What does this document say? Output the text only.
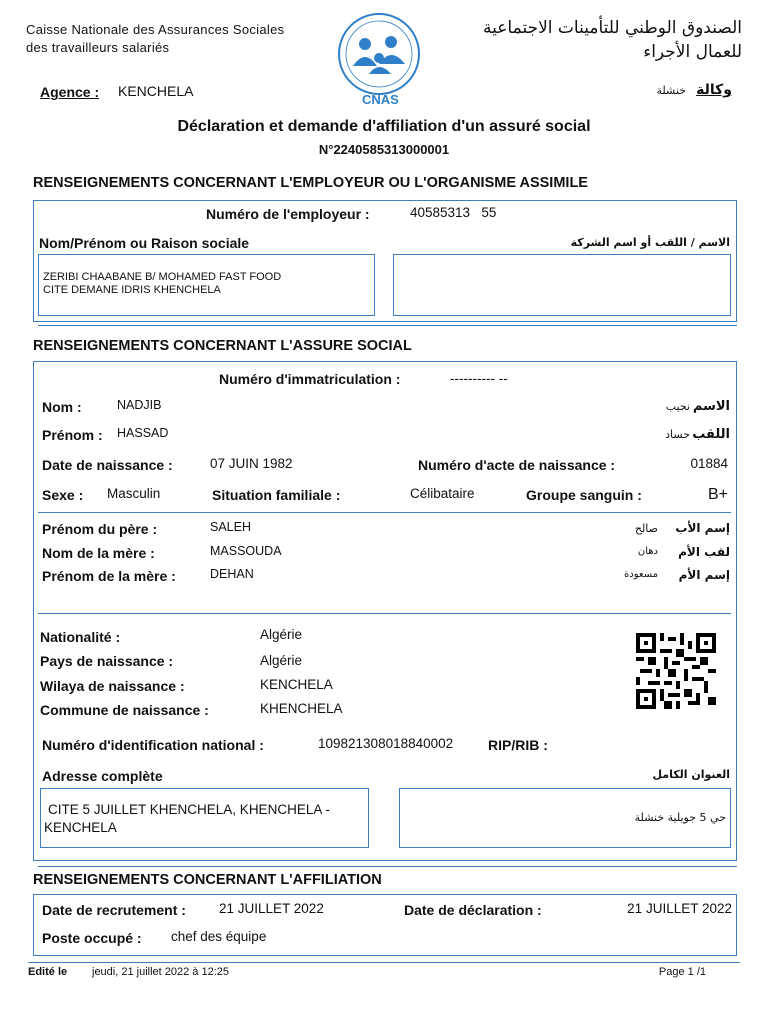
Caisse Nationale des Assurances Sociales
des travailleurs salariés
CNAS
الصندوق الوطني للتأمينات الاجتماعية
للعمال الأجراء
Agence : KENCHELA	خنشلة وكالة
Déclaration et demande d'affiliation d'un assuré social
N°2240585313000001
RENSEIGNEMENTS CONCERNANT L'EMPLOYEUR OU L'ORGANISME ASSIMILE
Numéro de l'employeur :	40585313   55
Nom/Prénom ou Raison sociale	الاسم / اللقب أو اسم الشركة
ZERIBI CHAABANE B/ MOHAMED FAST FOOD
CITE DEMANE IDRIS KHENCHELA
RENSEIGNEMENTS CONCERNANT L'ASSURE SOCIAL
Numéro d'immatriculation :	---------- --
Nom :	NADJIB	نجيب الاسم
Prénom : HASSAD	حساد اللقب
Date de naissance :	07 JUIN 1982	Numéro d'acte de naissance :	01884
Sexe : Masculin	Situation familiale :	Célibataire	Groupe sanguin :	B+
Prénom du père :	SALEH	صالح إسم الأب
Nom de la mère :	MASSOUDA	دهان لقب الأم
Prénom de la mère :	DEHAN	مسعودة إسم الأم
Nationalité :	Algérie
Pays de naissance :	Algérie
Wilaya de naissance :	KENCHELA
Commune de naissance :	KHENCHELA
Numéro d'identification national :	109821308018840002 RIP/RIB :
Adresse complète	العنوان الكامل
CITE 5 JUILLET KHENCHELA, KHENCHELA -
KENCHELA
حي 5 جويلية خنشلة
RENSEIGNEMENTS CONCERNANT L'AFFILIATION
Date de recrutement : 21 JUILLET 2022	Date de déclaration :	21 JUILLET 2022
Poste occupé : chef des équipe
Edité le jeudi, 21 juillet 2022 à 12:25	Page 1 /1
